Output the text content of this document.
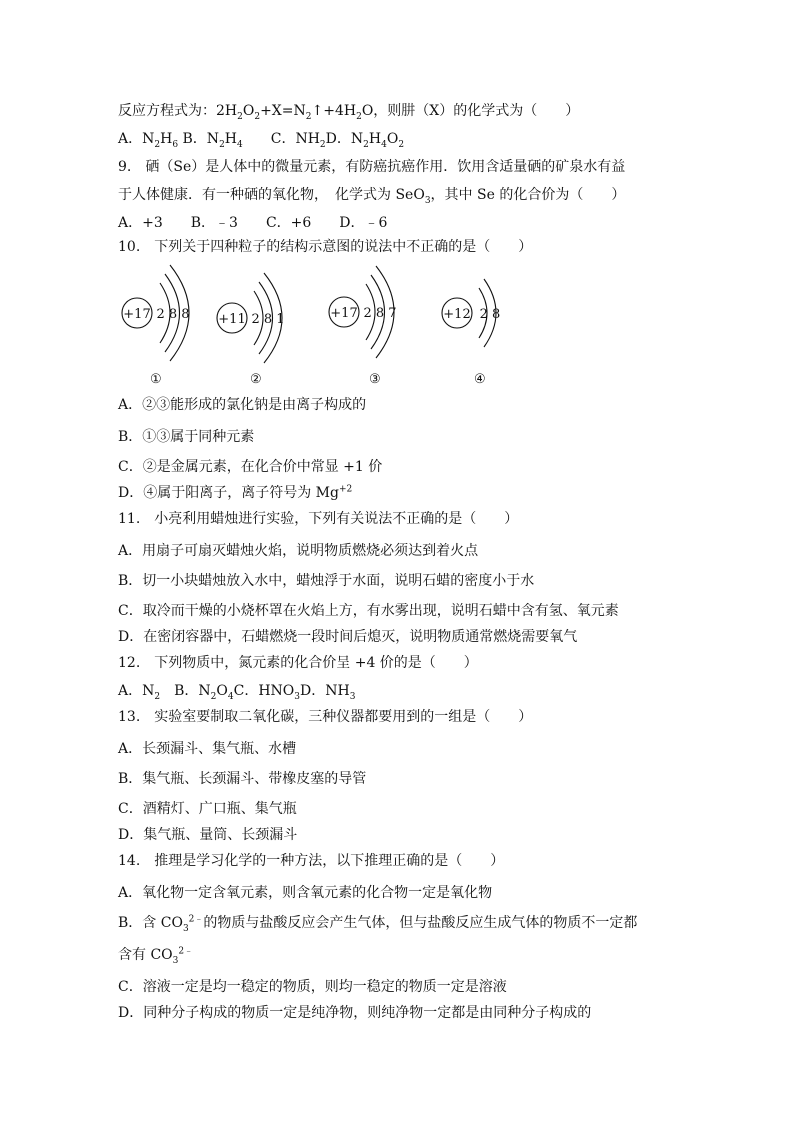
反应方程式为：$2H_2O_2+X=N_2↑+4H_2O$，则肼（X）的化学式为（　　）
A．$N_2H_6$ B．$N_2H_4$　　C．$NH_2D$．$N_2H_4O_2$
9.　硒（Se）是人体中的微量元素，有防癌抗癌作用．饮用含适量硒的矿泉水有益
于人体健康．有一种硒的氧化物，　化学式为 SeO$_3$，其中 Se 的化合价为（　　）
A．+3　　B．﹣3　　C．+6　　D．﹣6
10.　下列关于四种粒子的结构示意图的说法中不正确的是（　　）
+17 2 8 8 +11 2 8 1	+17 2 8 7	+12 2 8
①	②	③	④
A．②③能形成的氯化钠是由离子构成的
B．①③属于同种元素
C．②是金属元素，在化合价中常显 +1 价
D．④属于阳离子，离子符号为 $Mg^{+2}$
11.　小亮利用蜡烛进行实验，下列有关说法不正确的是（　　）
A．用扇子可扇灭蜡烛火焰，说明物质燃烧必须达到着火点
B．切一小块蜡烛放入水中，蜡烛浮于水面，说明石蜡的密度小于水
C．取冷而干燥的小烧杯罩在火焰上方，有水雾出现，说明石蜡中含有氢、氧元素
D．在密闭容器中，石蜡燃烧一段时间后熄灭，说明物质通常燃烧需要氧气
12.　下列物质中，氮元素的化合价呈 +4 价的是（　　）
A．$N_2$　B．$N_2O_4C$．$HNO_3D$．$NH_3$
13.　实验室要制取二氧化碳，三种仪器都要用到的一组是（　　）
A．长颈漏斗、集气瓶、水槽
B．集气瓶、长颈漏斗、带橡皮塞的导管
C．酒精灯、广口瓶、集气瓶
D．集气瓶、量筒、长颈漏斗
14.　推理是学习化学的一种方法，以下推理正确的是（　　）
A．氧化物一定含氧元素，则含氧元素的化合物一定是氧化物
B．含 $CO_3^{2﹣}$的物质与盐酸反应会产生气体，但与盐酸反应生成气体的物质不一定都
含有 $CO_3^{2﹣}$
C．溶液一定是均一稳定的物质，则均一稳定的物质一定是溶液
D．同种分子构成的物质一定是纯净物，则纯净物一定都是由同种分子构成的
